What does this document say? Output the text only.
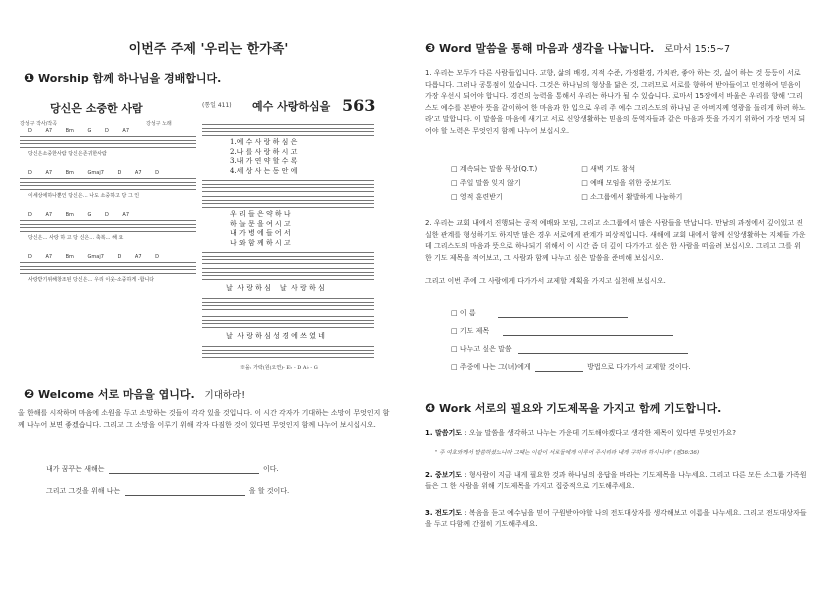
이번주 주제 '우리는 한가족'
❶ Worship 함께 하나님을 경배합니다.
당신은 소중한 사람
강성구 작사/작곡	강성구 노래
D A7 Bm G D A7
당신은소중한사람 당신은존귀한사람
D A7 Bm Gmaj7 D A7 D
이세상에하나뿐인 당신은… 나도 소중하고 당 그 인
D A7 Bm G D A7
당신은… 사랑 하 고 당 신은… 축복… 해 요
D A7 Bm Gmaj7 D A7 D
사랑받기위해창조된 당신은… 우리 이웃-소중하게 -합니다
(통일 411) 예수 사랑하심을 563
1.예 수 사 랑 하 심 은
2.나 를 사 랑 하 시 고
3.내 가 연 약 할 수 록
4.세 상 사 는 동 안 에
우 리 들 은 약 하 나
하 늘 문 을 여 시 고
내 가 병 에 들 어 서
나 와 함 께 하 시 고
날  사 랑 하 심    날  사 랑 하 심
날  사 랑 하 심 성 경 에 쓰 였 네
※을: 가락(원(오연)- E♭ - D A♭ - G
❷ Welcome 서로 마음을 엽니다. 기대하라!
올 한해를 시작하며 마음에 소원을 두고 소망하는 것들이 각각 있을 것입니다. 이 시간 각자가 기대하는 소망이 무엇인지 함께 나누어 보면 좋겠습니다. 그리고 그 소망을 이루기 위해 각자 다짐한 것이 있다면 무엇인지 함께 나누어 보시십시오.
내가 꿈꾸는 새해는	이다.
그리고 그것을 위해 나는	을 할 것이다.
❸ Word 말씀을 통해 마음과 생각을 나눕니다. 로마서 15:5~7
1. 우리는 모두가 다른 사람들입니다. 고향, 삶의 배경, 지적 수준, 가정환경, 가치관, 좋아 하는 것, 싫어 하는 것 등등이 서로 다릅니다. 그러나 공통점이 있습니다. 그것은 하나님의 형상을 닮은 것, 그러므로 서로를 향하여 받아들이고 인정하여 믿음이 가장 우선시 되어야 합니다. 경건의 능력을 통해서 우리는 하나가 될 수 있습니다. 로마서 15장에서 바울은 우리를 향해 '그리스도 예수를 본받아 뜻을 같이하여 한 마음과 한 입으로 우리 주 예수 그리스도의 하나님 곧 아버지께 영광을 돌리게 하려 하노라'고 말합니다. 이 말씀을 마음에 새기고 서로 신앙생활하는 믿음의 동역자들과 같은 마음과 뜻을 가지기 위하여 가장 먼저 되어야 할 노력은 무엇인지 함께 나누어 보십시오.
□ 계속되는 말씀 묵상(Q.T.)	□ 새벽 기도 참석
□ 주일 말씀 잊지 않기	□ 예배 모임을 위한 중보기도
□ 영적 훈련받기	□ 소그룹에서 활발하게 나눔하기
2. 우리는 교회 내에서 진행되는 공적 예배와 모임, 그리고 소그룹에서 많은 사람들을 만납니다. 만남의 과정에서 깊이있고 진실한 관계를 형성하기도 하지만 많은 경우 서로에게 관계가 피상적입니다. 새해에 교회 내에서 함께 신앙생활하는 지체들 가운데 그리스도의 마음과 뜻으로 하나되기 위해서 이 시간 좀 더 깊이 다가가고 싶은 한 사람을 떠올려 보십시오. 그리고 그를 위한 기도 제목을 적어보고, 그 사람과 함께 나누고 싶은 말씀을 준비해 보십시오.
그리고 이번 주에 그 사람에게 다가가서 교제할 계획을 가지고 실천해 보십시오.
□ 이 름
□ 기도 제목
□ 나누고 싶은 말씀
□ 주중에 나는 그(녀)에게	방법으로 다가가서 교제할 것이다.
❹ Work 서로의 필요와 기도제목을 가지고 함께 기도합니다.
1. 말씀기도 : 오늘 말씀을 생각하고 나누는 가운데 기도해야겠다고 생각한 제목이 있다면 무엇인가요?
" 주 여호와께서 말씀하셨느니라 그때는 이같이 서로들에게 이루어 주시리라 내게 구하라 하시니라" (겔36:36)
2. 중보기도 : 형사람이 지금 내게 필요한 것과 하나님의 응답을 바라는 기도제목을 나누세요. 그리고 다른 모든 소그룹 가족원들은 그 한 사람을 위해 기도제목을 가지고 집중적으로 기도해주세요.
3. 전도기도 : 복음을 듣고 예수님을 믿어 구원받아야할 나의 전도대상자를 생각해보고 이름을 나누세요. 그리고 전도대상자들을 두고 다함께 간절히 기도해주세요.
